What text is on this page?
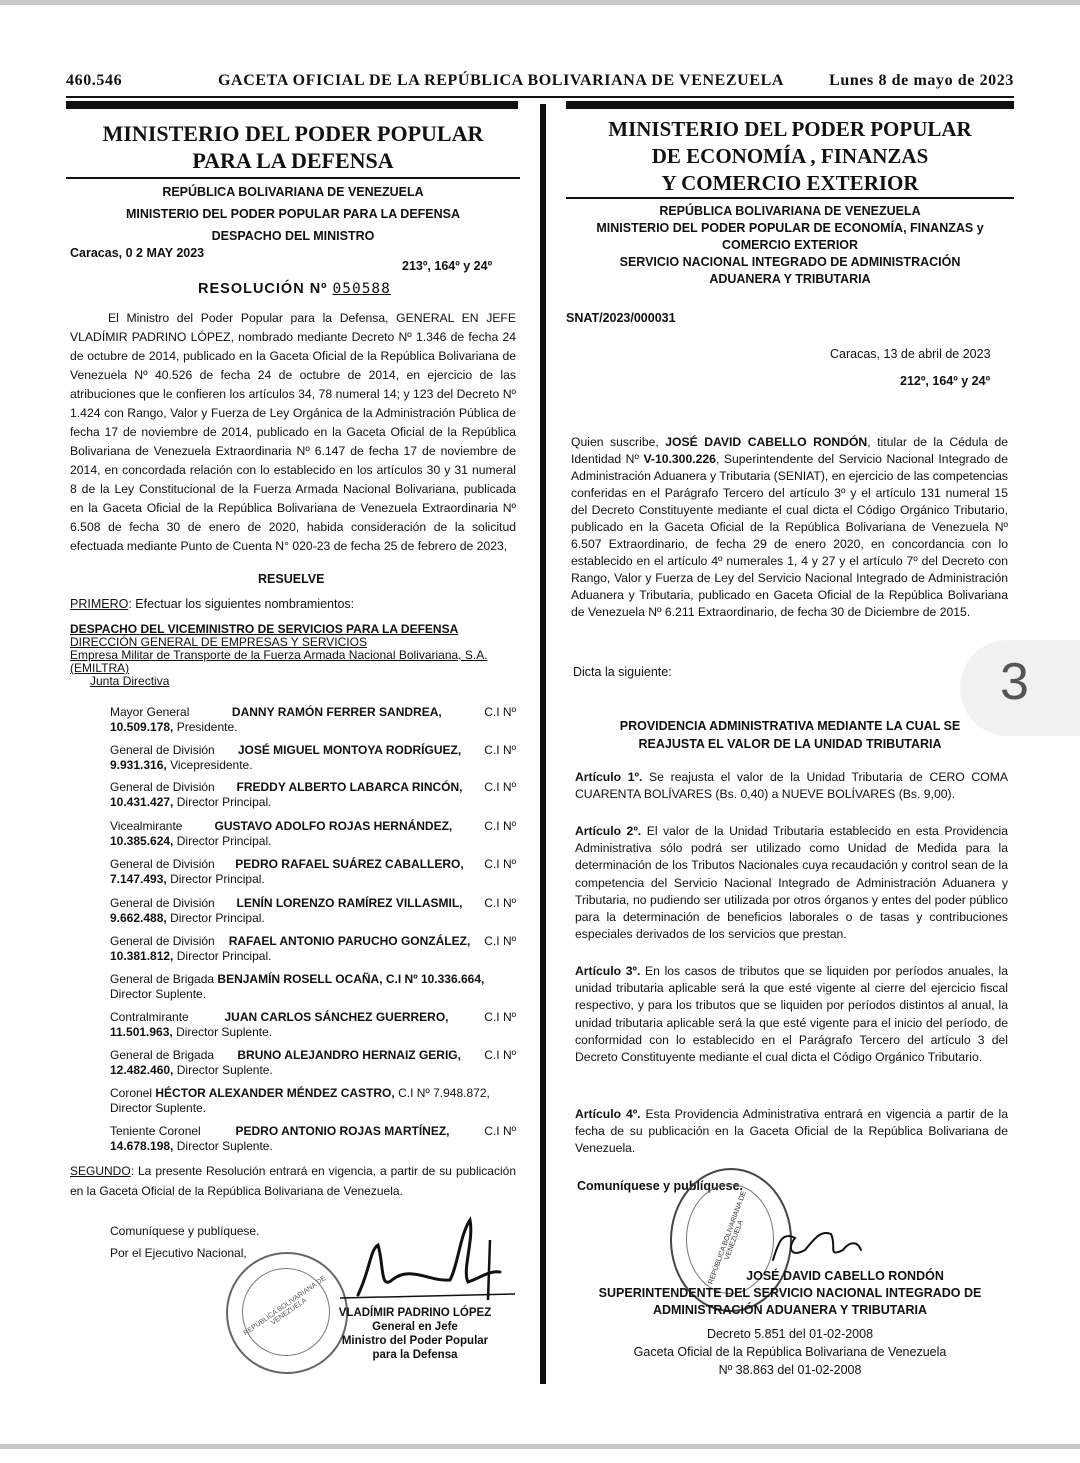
460.546	GACETA OFICIAL DE LA REPÚBLICA BOLIVARIANA DE VENEZUELA	Lunes 8 de mayo de 2023
MINISTERIO DEL PODER POPULAR
PARA LA DEFENSA
REPÚBLICA BOLIVARIANA DE VENEZUELA
MINISTERIO DEL PODER POPULAR PARA LA DEFENSA
DESPACHO DEL MINISTRO
Caracas, 0 2 MAY 2023
213º, 164º y 24º
RESOLUCIÓN Nº 050588
El Ministro del Poder Popular para la Defensa, GENERAL EN JEFE VLADÍMIR PADRINO LÓPEZ, nombrado mediante Decreto Nº 1.346 de fecha 24 de octubre de 2014, publicado en la Gaceta Oficial de la República Bolivariana de Venezuela Nº 40.526 de fecha 24 de octubre de 2014, en ejercicio de las atribuciones que le confieren los artículos 34, 78 numeral 14; y 123 del Decreto Nº 1.424 con Rango, Valor y Fuerza de Ley Orgánica de la Administración Pública de fecha 17 de noviembre de 2014, publicado en la Gaceta Oficial de la República Bolivariana de Venezuela Extraordinaria Nº 6.147 de fecha 17 de noviembre de 2014, en concordada relación con lo establecido en los artículos 30 y 31 numeral 8 de la Ley Constitucional de la Fuerza Armada Nacional Bolivariana, publicada en la Gaceta Oficial de la República Bolivariana de Venezuela Extraordinaria Nº 6.508 de fecha 30 de enero de 2020, habida consideración de la solicitud efectuada mediante Punto de Cuenta N° 020-23 de fecha 25 de febrero de 2023,
RESUELVE
PRIMERO: Efectuar los siguientes nombramientos:
DESPACHO DEL VICEMINISTRO DE SERVICIOS PARA LA DEFENSA
DIRECCIÓN GENERAL DE EMPRESAS Y SERVICIOS
Empresa Militar de Transporte de la Fuerza Armada Nacional Bolivariana, S.A.
(EMILTRA)
Junta Directiva
Mayor General	DANNY RAMÓN FERRER SANDREA,	C.I Nº
10.509.178, Presidente.
General de División JOSÉ MIGUEL MONTOYA RODRÍGUEZ, C.I Nº
9.931.316, Vicepresidente.
General de División FREDDY ALBERTO LABARCA RINCÓN, C.I Nº
10.431.427, Director Principal.
Vicealmirante	GUSTAVO ADOLFO ROJAS HERNÁNDEZ,	C.I Nº
10.385.624, Director Principal.
General de División PEDRO RAFAEL SUÁREZ CABALLERO, C.I Nº
7.147.493, Director Principal.
General de División LENÍN LORENZO RAMÍREZ VILLASMIL, C.I Nº
9.662.488, Director Principal.
General de División RAFAEL ANTONIO PARUCHO GONZÁLEZ, C.I Nº
10.381.812, Director Principal.
General de Brigada BENJAMÍN ROSELL OCAÑA, C.I Nº 10.336.664,
Director Suplente.
Contralmirante	JUAN CARLOS SÁNCHEZ GUERRERO,	C.I Nº
11.501.963, Director Suplente.
General de Brigada BRUNO ALEJANDRO HERNAIZ GERIG, C.I Nº
12.482.460, Director Suplente.
Coronel HÉCTOR ALEXANDER MÉNDEZ CASTRO, C.I Nº 7.948.872,
Director Suplente.
Teniente Coronel	PEDRO ANTONIO ROJAS MARTÍNEZ,	C.I Nº
14.678.198, Director Suplente.
SEGUNDO: La presente Resolución entrará en vigencia, a partir de su publicación en la Gaceta Oficial de la República Bolivariana de Venezuela.
Comuníquese y publíquese.
Por el Ejecutivo Nacional,
REPÚBLICA BOLIVARIANA DE VENEZUELA	VLADÍMIR PADRINO LÓPEZ
General en Jefe
Ministro del Poder Popular
para la Defensa
MINISTERIO DEL PODER POPULAR
DE ECONOMÍA , FINANZAS
Y COMERCIO EXTERIOR
REPÚBLICA BOLIVARIANA DE VENEZUELA
MINISTERIO DEL PODER POPULAR DE ECONOMÍA, FINANZAS y
COMERCIO EXTERIOR
SERVICIO NACIONAL INTEGRADO DE ADMINISTRACIÓN
ADUANERA Y TRIBUTARIA
SNAT/2023/000031
Caracas, 13 de abril de 2023
212º, 164º y 24º
Quien suscribe, JOSÉ DAVID CABELLO RONDÓN, titular de la Cédula de Identidad Nº V-10.300.226, Superintendente del Servicio Nacional Integrado de Administración Aduanera y Tributaria (SENIAT), en ejercicio de las competencias conferidas en el Parágrafo Tercero del artículo 3º y el artículo 131 numeral 15 del Decreto Constituyente mediante el cual dicta el Código Orgánico Tributario, publicado en la Gaceta Oficial de la República Bolivariana de Venezuela Nº 6.507 Extraordinario, de fecha 29 de enero 2020, en concordancia con lo establecido en el artículo 4º numerales 1, 4 y 27 y el artículo 7º del Decreto con Rango, Valor y Fuerza de Ley del Servicio Nacional Integrado de Administración Aduanera y Tributaria, publicado en Gaceta Oficial de la República Bolivariana de Venezuela Nº 6.211 Extraordinario, de fecha 30 de Diciembre de 2015.
Dicta la siguiente:	3
PROVIDENCIA ADMINISTRATIVA MEDIANTE LA CUAL SE
REAJUSTA EL VALOR DE LA UNIDAD TRIBUTARIA
Artículo 1º. Se reajusta el valor de la Unidad Tributaria de CERO COMA CUARENTA BOLÍVARES (Bs. 0,40) a NUEVE BOLÍVARES (Bs. 9,00).
Artículo 2º. El valor de la Unidad Tributaria establecido en esta Providencia Administrativa sólo podrá ser utilizado como Unidad de Medida para la determinación de los Tributos Nacionales cuya recaudación y control sean de la competencia del Servicio Nacional Integrado de Administración Aduanera y Tributaria, no pudiendo ser utilizada por otros órganos y entes del poder público para la determinación de beneficios laborales o de tasas y contribuciones especiales derivados de los servicios que prestan.
Artículo 3º. En los casos de tributos que se liquiden por períodos anuales, la unidad tributaria aplicable será la que esté vigente al cierre del ejercicio fiscal respectivo, y para los tributos que se liquiden por períodos distintos al anual, la unidad tributaria aplicable será la que esté vigente para el inicio del período, de conformidad con lo establecido en el Parágrafo Tercero del artículo 3 del Decreto Constituyente mediante el cual dicta el Código Orgánico Tributario.
Artículo 4º. Esta Providencia Administrativa entrará en vigencia a partir de la fecha de su publicación en la Gaceta Oficial de la República Bolivariana de Venezuela.
Comuníquese y publíquese.
REPÚBLICA BOLIVARIANA DE VENEZUELA
JOSÉ DAVID CABELLO RONDÓN
SUPERINTENDENTE DEL SERVICIO NACIONAL INTEGRADO DE
ADMINISTRACIÓN ADUANERA Y TRIBUTARIA
Decreto 5.851 del 01-02-2008
Gaceta Oficial de la República Bolivariana de Venezuela
Nº 38.863 del 01-02-2008
